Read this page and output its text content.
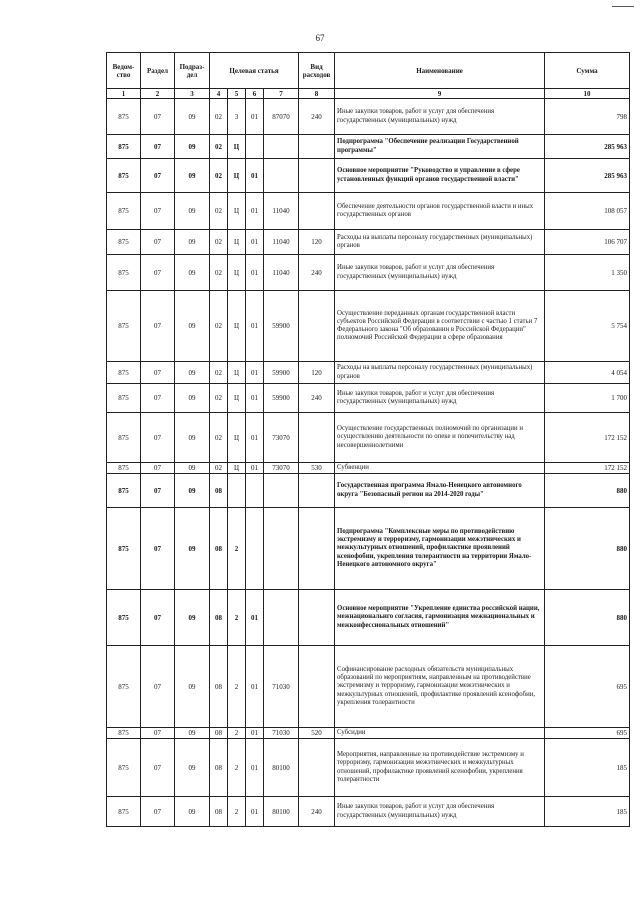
67
Ведом-ство	Раздел	Подраз-дел	Целевая статья				Вид расходов	Наименование	Сумма
1	2	3	4	5	6	7	8	9	10
875	07	09	02	3	01	87070	240	Иные закупки товаров, работ и услуг для обеспечения государственных (муниципальных) нужд	798
875	07	09	02	Ц				Подпрограмма "Обеспечение реализации Государственной программы"	285 963
875	07	09	02	Ц	01			Основное мероприятие "Руководство и управление в сфере установленных функций органов государственной власти"	285 963
875	07	09	02	Ц	01	11040		Обеспечение деятельности органов государственной власти и иных государственных органов	108 057
875	07	09	02	Ц	01	11040	120	Расходы на выплаты персоналу государственных (муниципальных) органов	106 707
875	07	09	02	Ц	01	11040	240	Иные закупки товаров, работ и услуг для обеспечения государственных (муниципальных) нужд	1 350
875	07	09	02	Ц	01	59900		Осуществление переданных органам государственной власти субъектов Российской Федерации в соответствии с частью 1 статьи 7 Федерального закона "Об образовании в Российской Федерации" полномочий Российской Федерации в сфере образования	5 754
875	07	09	02	Ц	01	59900	120	Расходы на выплаты персоналу государственных (муниципальных) органов	4 054
875	07	09	02	Ц	01	59900	240	Иные закупки товаров, работ и услуг для обеспечения государственных (муниципальных) нужд	1 700
875	07	09	02	Ц	01	73070		Осуществление государственных полномочий по организации и осуществлению деятельности по опеке и попечительству над несовершеннолетними	172 152
875	07	09	02	Ц	01	73070	530	Субвенции	172 152
875	07	09	08					Государственная программа Ямало-Ненецкого автономного округа "Безопасный регион на 2014-2020 годы"	880
875	07	09	08	2				Подпрограмма "Комплексные меры по противодействию экстремизму и терроризму, гармонизации межэтнических и межкультурных отношений, профилактике проявлений ксенофобии, укрепления толерантности на территории Ямало-Ненецкого автономного округа"	880
875	07	09	08	2	01			Основное мероприятие "Укрепление единства российской нации, межнациональнго согласия, гармонизация межнациональных и межконфессиональных отношений"	880
875	07	09	08	2	01	71030		Софинансирование расходных обязательств муниципальных образований по мероприятиям, направленным на противодействие экстремизму и терроризму, гармонизации межэтнических и межкультурных отношений, профилактике проявлений ксенофобии, укрепления толерантности	695
875	07	09	08	2	01	71030	520	Субсидии	695
875	07	09	08	2	01	80100		Мероприятия, направленные на противодействие экстремизму и терроризму, гармонизации межэтнических и межкультурных отношений, профилактике проявлений ксенофобии, укрепления толерантности	185
875	07	09	08	2	01	80100	240	Иные закупки товаров, работ и услуг для обеспечения государственных (муниципальных) нужд	185
